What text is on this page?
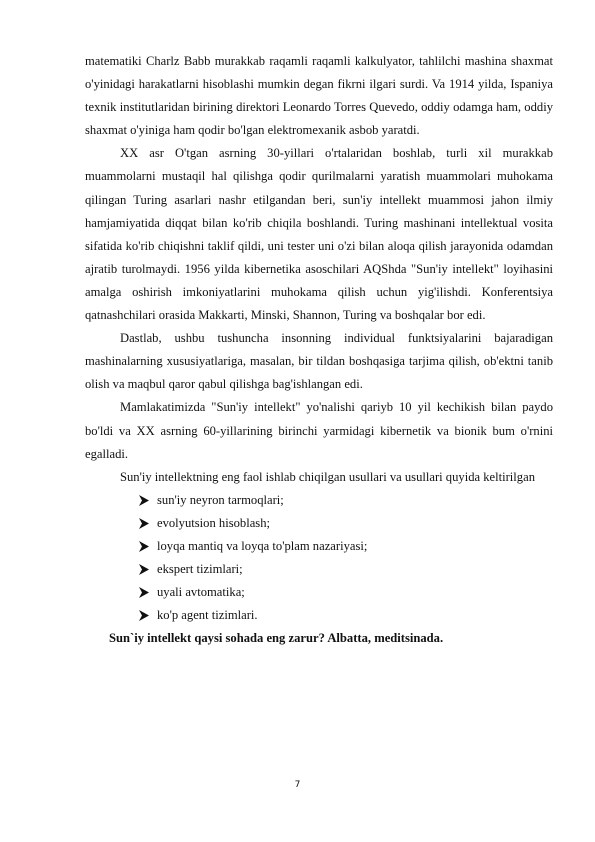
matematiki Charlz Babb murakkab raqamli raqamli kalkulyator, tahlilchi mashina shaxmat o'yinidagi harakatlarni hisoblashi mumkin degan fikrni ilgari surdi. Va 1914 yilda, Ispaniya texnik institutlaridan birining direktori Leonardo Torres Quevedo, oddiy odamga ham, oddiy shaxmat o'yiniga ham qodir bo'lgan elektromexanik asbob yaratdi.

XX asr O'tgan asrning 30-yillari o'rtalaridan boshlab, turli xil murakkab muammolarni mustaqil hal qilishga qodir qurilmalarni yaratish muammolari muhokama qilingan Turing asarlari nashr etilgandan beri, sun'iy intellekt muammosi jahon ilmiy hamjamiyatida diqqat bilan ko'rib chiqila boshlandi. Turing mashinani intellektual vosita sifatida ko'rib chiqishni taklif qildi, uni tester uni o'zi bilan aloqa qilish jarayonida odamdan ajratib turolmaydi. 1956 yilda kibernetika asoschilari AQShda "Sun'iy intellekt" loyihasini amalga oshirish imkoniyatlarini muhokama qilish uchun yig'ilishdi. Konferentsiya qatnashchilari orasida Makkarti, Minski, Shannon, Turing va boshqalar bor edi.

Dastlab, ushbu tushuncha insonning individual funktsiyalarini bajaradigan mashinalarning xususiyatlariga, masalan, bir tildan boshqasiga tarjima qilish, ob'ektni tanib olish va maqbul qaror qabul qilishga bag'ishlangan edi.

Mamlakatimizda "Sun'iy intellekt" yo'nalishi qariyb 10 yil kechikish bilan paydo bo'ldi va XX asrning 60-yillarining birinchi yarmidagi kibernetik va bionik bum o'rnini egalladi.

Sun'iy intellektning eng faol ishlab chiqilgan usullari va usullari quyida keltirilgan

sun'iy neyron tarmoqlari;
evolyutsion hisoblash;
loyqa mantiq va loyqa to'plam nazariyasi;
ekspert tizimlari;
uyali avtomatika;
ko'p agent tizimlari.

Sun`iy intellekt qaysi sohada eng zarur? Albatta, meditsinada.

7
